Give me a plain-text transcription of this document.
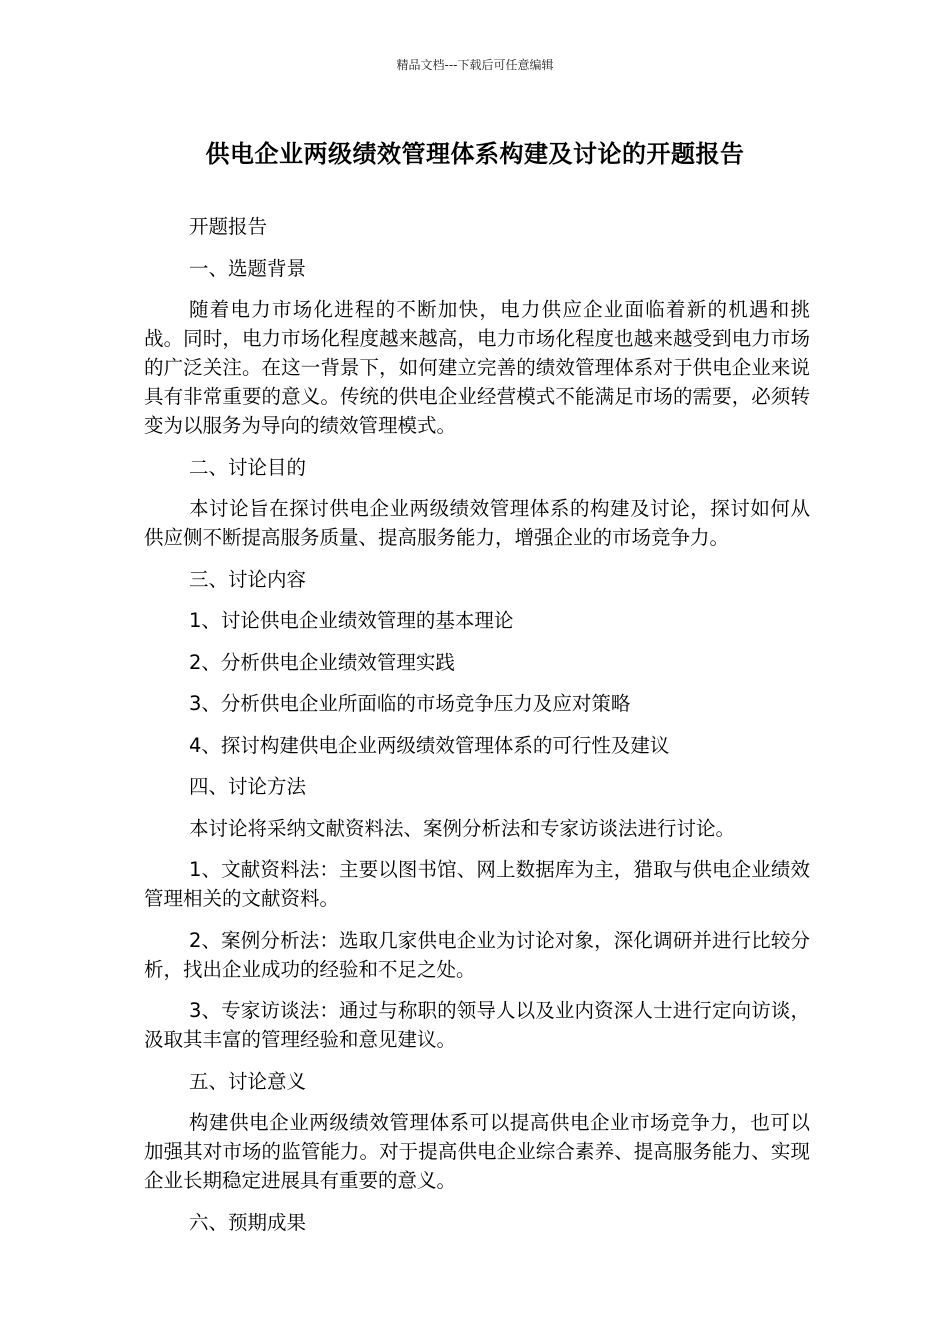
精品文档---下载后可任意编辑
供电企业两级绩效管理体系构建及讨论的开题报告

开题报告

一、选题背景

随着电力市场化进程的不断加快，电力供应企业面临着新的机遇和挑战。同时，电力市场化程度越来越高，电力市场化程度也越来越受到电力市场的广泛关注。在这一背景下，如何建立完善的绩效管理体系对于供电企业来说具有非常重要的意义。传统的供电企业经营模式不能满足市场的需要，必须转变为以服务为导向的绩效管理模式。

二、讨论目的

本讨论旨在探讨供电企业两级绩效管理体系的构建及讨论，探讨如何从供应侧不断提高服务质量、提高服务能力，增强企业的市场竞争力。

三、讨论内容

1、讨论供电企业绩效管理的基本理论

2、分析供电企业绩效管理实践

3、分析供电企业所面临的市场竞争压力及应对策略

4、探讨构建供电企业两级绩效管理体系的可行性及建议

四、讨论方法

本讨论将采纳文献资料法、案例分析法和专家访谈法进行讨论。

1、文献资料法：主要以图书馆、网上数据库为主，猎取与供电企业绩效管理相关的文献资料。

2、案例分析法：选取几家供电企业为讨论对象，深化调研并进行比较分析，找出企业成功的经验和不足之处。

3、专家访谈法：通过与称职的领导人以及业内资深人士进行定向访谈，汲取其丰富的管理经验和意见建议。

五、讨论意义

构建供电企业两级绩效管理体系可以提高供电企业市场竞争力，也可以加强其对市场的监管能力。对于提高供电企业综合素养、提高服务能力、实现企业长期稳定进展具有重要的意义。

六、预期成果
